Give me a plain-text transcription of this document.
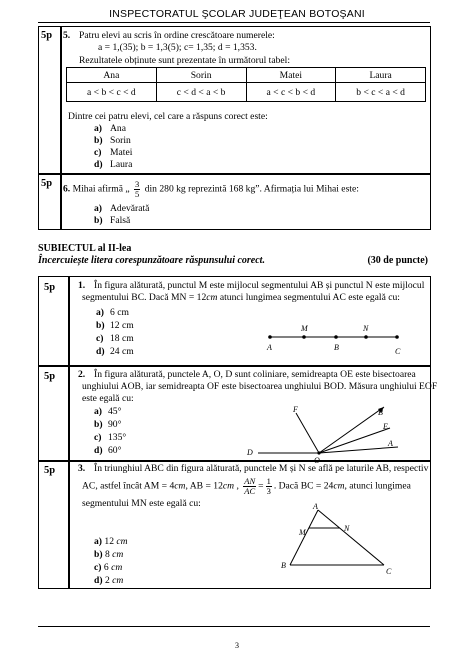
INSPECTORATUL ŞCOLAR JUDEŢEAN BOTOŞANI
5p 5. Patru elevi au scris în ordine crescătoare numerele:
a = 1,(35); b = 1,3(5); c= 1,35; d = 1,353.
Rezultatele obținute sunt prezentate în următorul tabel:
Ana	Sorin	Matei	Laura
a < b < c < d	c < d < a < b	a < c < b < d	b < c < a < d
Dintre cei patru elevi, cel care a răspuns corect este:
a) Ana
b) Sorin
c) Matei
d) Laura
5p
6. Mihai afirmă „ $\frac{3}{5}$ din 280 kg reprezintă 168 kg”. Afirmația lui Mihai este:
a) Adevărată
b) Falsă
SUBIECTUL al II-lea
Încercuiește litera corespunzătoare răspunsului corect.	(30 de puncte)
5p 1. În figura alăturată, punctul M este mijlocul segmentului AB și punctul N este mijlocul
segmentului BC. Dacă MN = 12cm atunci lungimea segmentului AC este egală cu:
a) 6 cm
b) 12 cm
c) 18 cm
d) 24 cm
M	N
A	B	C
5p 2. În figura alăturată, punctele A, O, D sunt coliniare, semidreapta OE este bisectoarea
unghiului AOB, iar semidreapta OF este bisectoarea unghiului BOD. Măsura unghiului EOF
este egală cu:
a) 45°
b) 90°
c) 135°
d) 60°
F	B
E
A
D
O
5p 3. În triunghiul ABC din figura alăturată, punctele M și N se află pe laturile AB, respectiv
AC, astfel încât AM = 4cm, AB = 12cm , $\frac{AN}{AC} = \frac{1}{3}$ . Dacă BC = 24cm, atunci lungimea
segmentului MN este egală cu:
a) 12 cm
b) 8 cm
c) 6 cm
d) 2 cm
A
M	N
B
C
3
